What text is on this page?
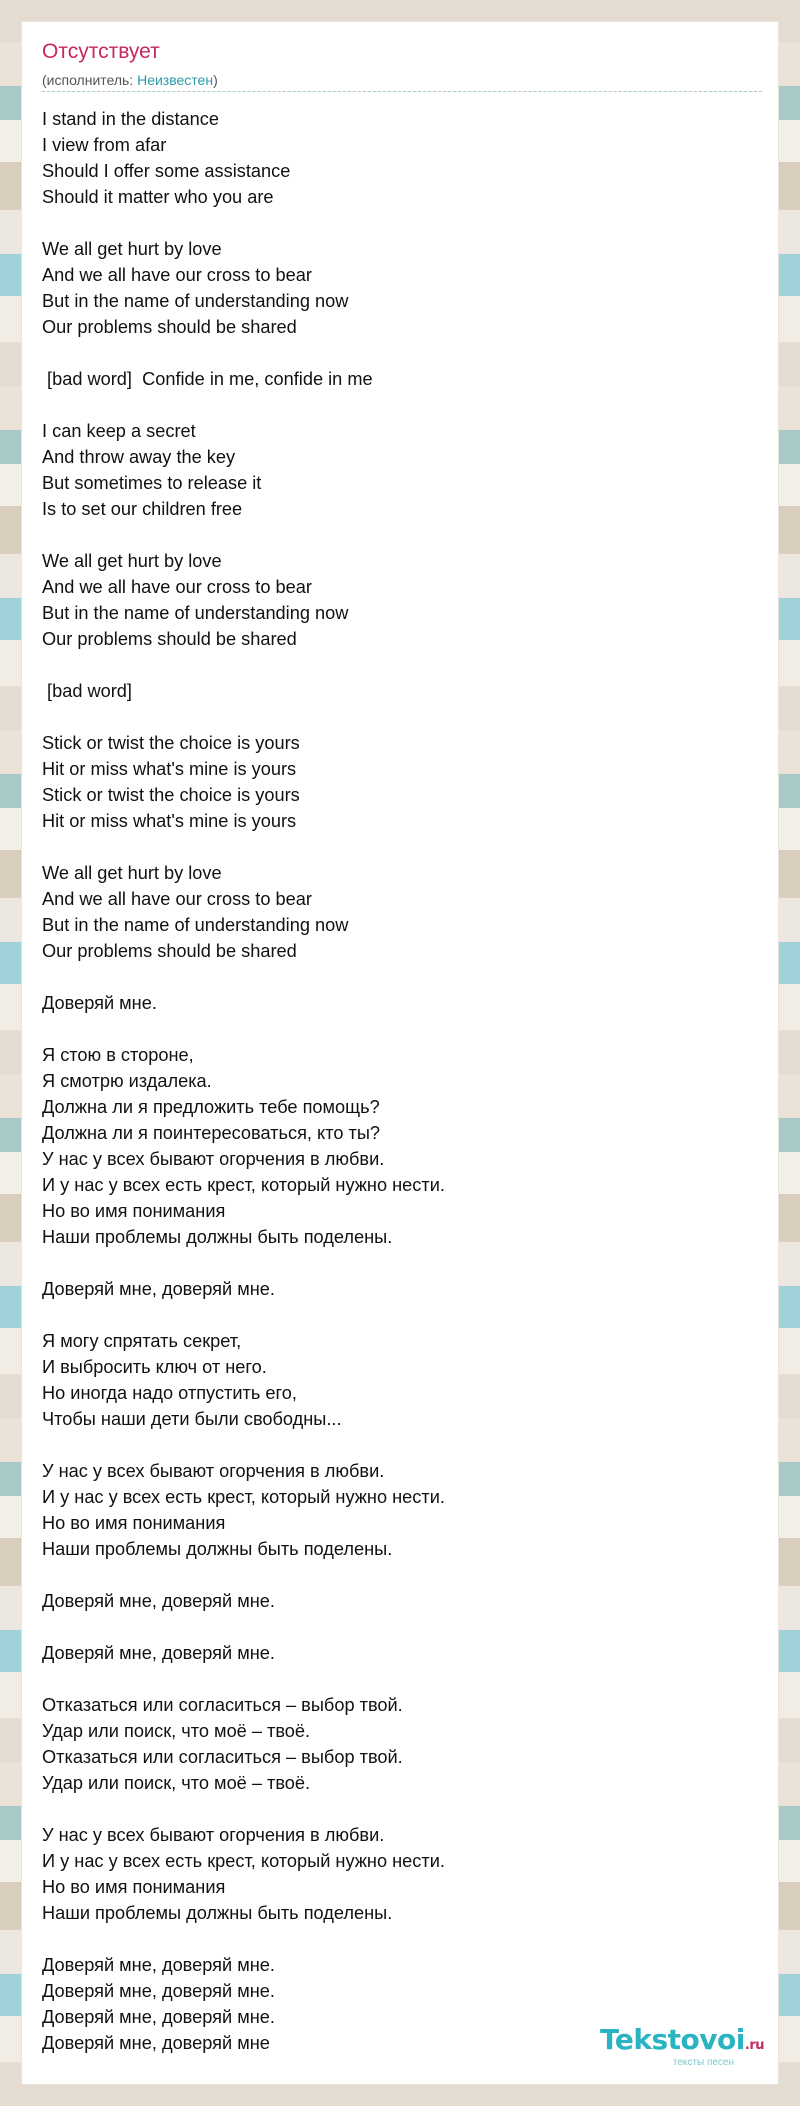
Отсутствует
(исполнитель: Неизвестен)
I stand in the distance
I view from afar
Should I offer some assistance
Should it matter who you are
We all get hurt by love
And we all have our cross to bear
But in the name of understanding now
Our problems should be shared
[bad word]  Confide in me, confide in me
I can keep a secret
And throw away the key
But sometimes to release it
Is to set our children free
We all get hurt by love
And we all have our cross to bear
But in the name of understanding now
Our problems should be shared
[bad word]
Stick or twist the choice is yours
Hit or miss what's mine is yours
Stick or twist the choice is yours
Hit or miss what's mine is yours
We all get hurt by love
And we all have our cross to bear
But in the name of understanding now
Our problems should be shared
Доверяй мне.
Я стою в стороне,
Я смотрю издалека.
Должна ли я предложить тебе помощь?
Должна ли я поинтересоваться, кто ты?
У нас у всех бывают огорчения в любви.
И у нас у всех есть крест, который нужно нести.
Но во имя понимания
Наши проблемы должны быть поделены.
Доверяй мне, доверяй мне.
Я могу спрятать секрет,
И выбросить ключ от него.
Но иногда надо отпустить его,
Чтобы наши дети были свободны...
У нас у всех бывают огорчения в любви.
И у нас у всех есть крест, который нужно нести.
Но во имя понимания
Наши проблемы должны быть поделены.
Доверяй мне, доверяй мне.
Доверяй мне, доверяй мне.
Отказаться или согласиться – выбор твой.
Удар или поиск, что моё – твоё.
Отказаться или согласиться – выбор твой.
Удар или поиск, что моё – твоё.
У нас у всех бывают огорчения в любви.
И у нас у всех есть крест, который нужно нести.
Но во имя понимания
Наши проблемы должны быть поделены.
Доверяй мне, доверяй мне.
Доверяй мне, доверяй мне.
Доверяй мне, доверяй мне.
Доверяй мне, доверяй мне	Tekstovoi.ru
тексты песен
